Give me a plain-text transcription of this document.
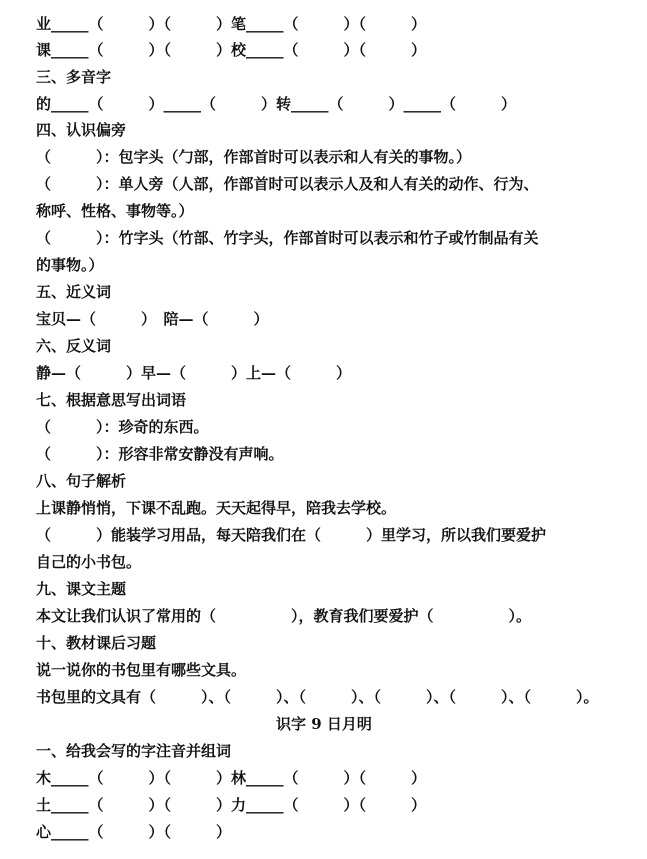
业_____（　　　）（　　　）笔_____（　　　）（　　　）
课_____（　　　）（　　　）校_____（　　　）（　　　）
三、多音字
的_____（　　　）_____（　　　）转_____（　　　）_____（　　　）
四、认识偏旁
（　　　）：包字头（勹部，作部首时可以表示和人有关的事物。）
（　　　）：单人旁（人部，作部首时可以表示人及和人有关的动作、行为、
称呼、性格、事物等。）
（　　　）：竹字头（竹部、竹字头，作部首时可以表示和竹子或竹制品有关
的事物。）
五、近义词
宝贝—（　　　）　陪—（　　　）
六、反义词
静—（　　　）早—（　　　）上—（　　　）
七、根据意思写出词语
（　　　）：珍奇的东西。
（　　　）：形容非常安静没有声响。
八、句子解析
上课静悄悄，下课不乱跑。天天起得早，陪我去学校。
（　　　）能装学习用品，每天陪我们在（　　　）里学习，所以我们要爱护
自己的小书包。
九、课文主题
本文让我们认识了常用的（　　　　　），教育我们要爱护（　　　　　）。
十、教材课后习题
说一说你的书包里有哪些文具。
书包里的文具有（　　　）、（　　　）、（　　　）、（　　　）、（　　　）、（　　　）。
识字 9 日月明
一、给我会写的字注音并组词
木_____（　　　）（　　　）林_____（　　　）（　　　）
土_____（　　　）（　　　）力_____（　　　）（　　　）
心_____（　　　）（　　　）
